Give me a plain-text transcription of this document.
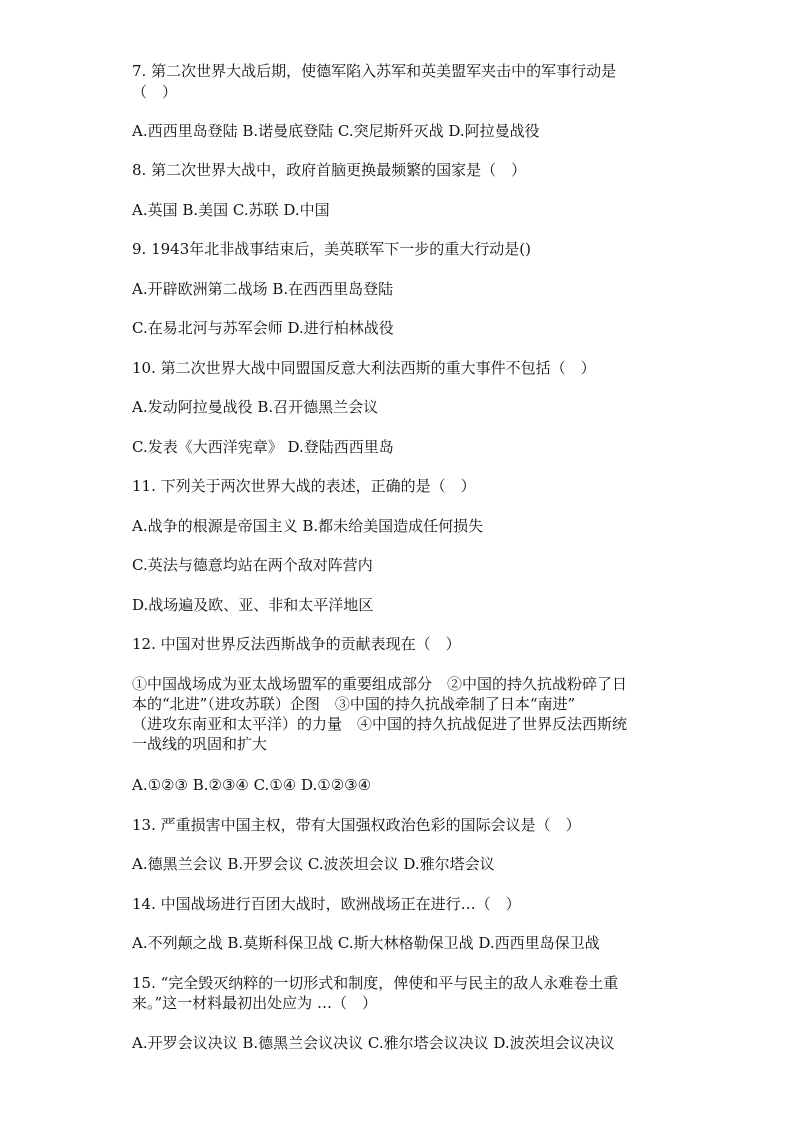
7. 第二次世界大战后期，使德军陷入苏军和英美盟军夹击中的军事行动是
（　）
A.西西里岛登陆 B.诺曼底登陆 C.突尼斯歼灭战 D.阿拉曼战役
8. 第二次世界大战中，政府首脑更换最频繁的国家是（　）
A.英国 B.美国 C.苏联 D.中国
9. 1943年北非战事结束后，美英联军下一步的重大行动是()
A.开辟欧洲第二战场 B.在西西里岛登陆
C.在易北河与苏军会师 D.进行柏林战役
10. 第二次世界大战中同盟国反意大利法西斯的重大事件不包括（　）
A.发动阿拉曼战役 B.召开德黑兰会议
C.发表《大西洋宪章》 D.登陆西西里岛
11. 下列关于两次世界大战的表述，正确的是（　）
A.战争的根源是帝国主义 B.都未给美国造成任何损失
C.英法与德意均站在两个敌对阵营内
D.战场遍及欧、亚、非和太平洋地区
12. 中国对世界反法西斯战争的贡献表现在（　）
①中国战场成为亚太战场盟军的重要组成部分　②中国的持久抗战粉碎了日
本的“北进”（进攻苏联）企图　③中国的持久抗战牵制了日本“南进”
（进攻东南亚和太平洋）的力量　④中国的持久抗战促进了世界反法西斯统
一战线的巩固和扩大
A.①②③ B.②③④ C.①④ D.①②③④
13. 严重损害中国主权，带有大国强权政治色彩的国际会议是（　）
A.德黑兰会议 B.开罗会议 C.波茨坦会议 D.雅尔塔会议
14. 中国战场进行百团大战时，欧洲战场正在进行…（　）
A.不列颠之战 B.莫斯科保卫战 C.斯大林格勒保卫战 D.西西里岛保卫战
15. “完全毁灭纳粹的一切形式和制度，俾使和平与民主的敌人永难卷土重
来。”这一材料最初出处应为 …（　）
A.开罗会议决议 B.德黑兰会议决议 C.雅尔塔会议决议 D.波茨坦会议决议
